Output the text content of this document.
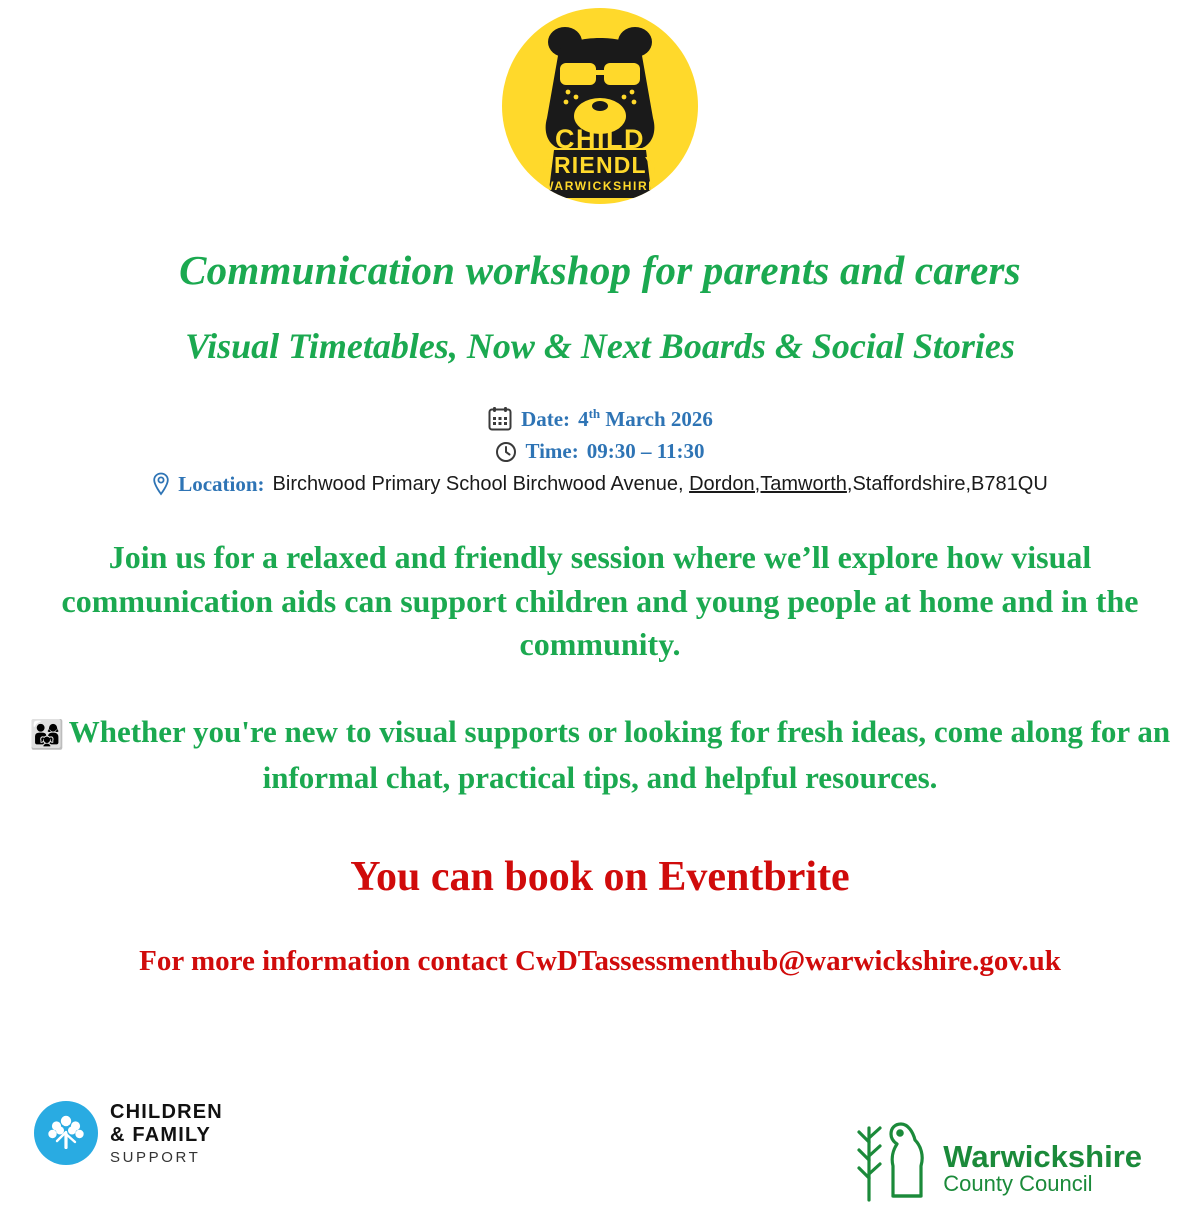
CHILD
FRIENDLY
WARWICKSHIRE
Communication workshop for parents and carers
Visual Timetables, Now & Next Boards & Social Stories
Date: 4th March 2026
Time: 09:30 – 11:30
Location: Birchwood Primary School Birchwood Avenue, Dordon,Tamworth,Staffordshire,B781QU
Join us for a relaxed and friendly session where we’ll explore how visual communication aids can support children and young people at home and in the community.
👨‍👩‍👧 Whether you're new to visual supports or looking for fresh ideas, come along for an informal chat, practical tips, and helpful resources.
You can book on Eventbrite
For more information contact CwDTassessmenthub@warwickshire.gov.uk
CHILDREN
& FAMILY
SUPPORT	Warwickshire
County Council
